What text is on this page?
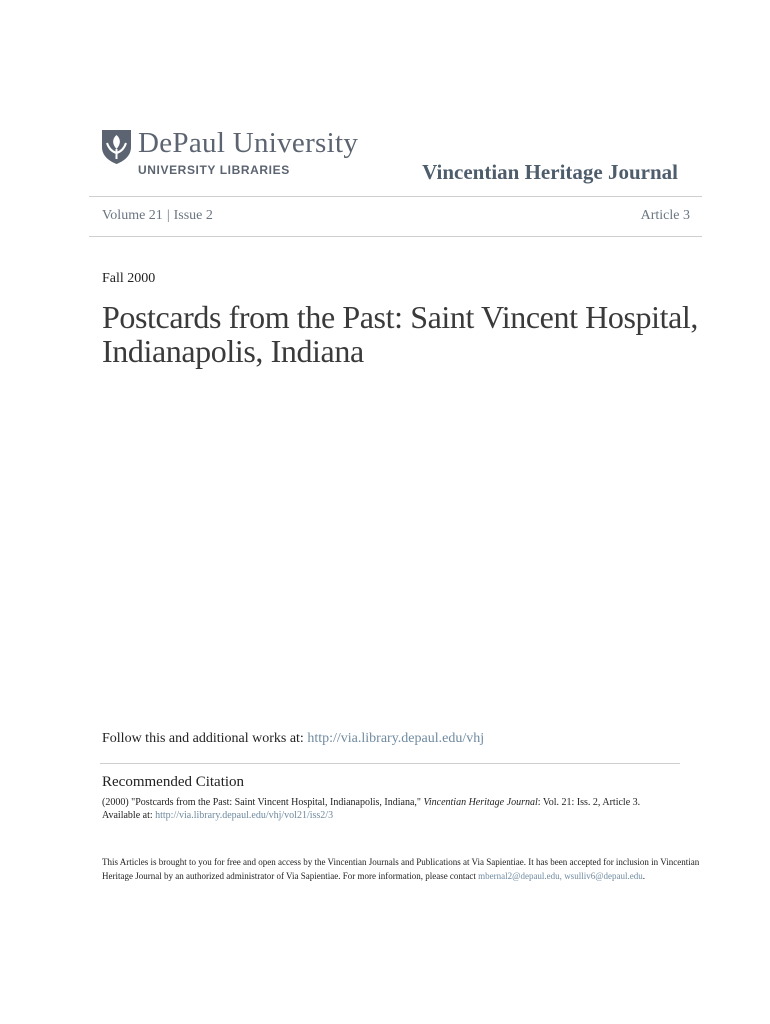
DePaul University
UNIVERSITY LIBRARIES	Vincentian Heritage Journal
Volume 21 | Issue 2	Article 3
Fall 2000
Postcards from the Past: Saint Vincent Hospital, Indianapolis, Indiana
Follow this and additional works at: http://via.library.depaul.edu/vhj
Recommended Citation
(2000) "Postcards from the Past: Saint Vincent Hospital, Indianapolis, Indiana," Vincentian Heritage Journal: Vol. 21: Iss. 2, Article 3.
Available at: http://via.library.depaul.edu/vhj/vol21/iss2/3
This Articles is brought to you for free and open access by the Vincentian Journals and Publications at Via Sapientiae. It has been accepted for inclusion in Vincentian Heritage Journal by an authorized administrator of Via Sapientiae. For more information, please contact mbernal2@depaul.edu, wsulliv6@depaul.edu.
